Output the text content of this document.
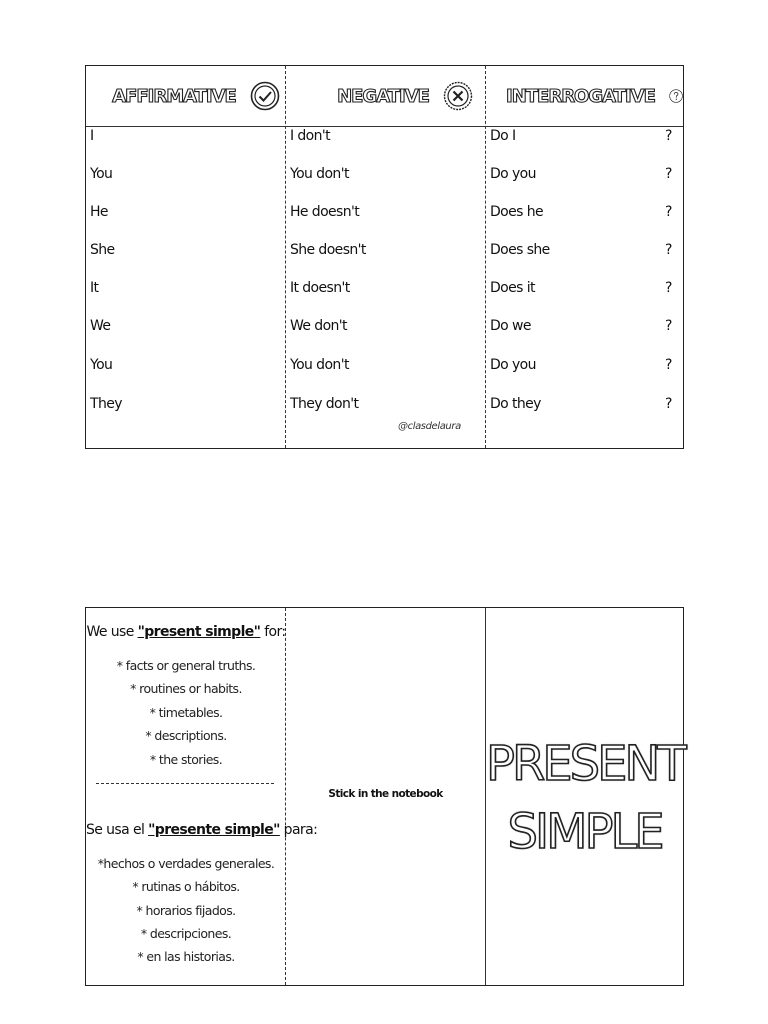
AFFIRMATIVE	NEGATIVE	INTERROGATIVE
I
You
He
She
It
We
You
They
I don't
You don't
He doesn't
She doesn't
It doesn't
We don't
You don't
They don't
Do I
Do you
Does he
Does she
Does it
Do we
Do you
Do they
?
?
?
?
?
?
?
?
@clasdelaura
We use "present simple" for:
* facts or general truths.
* routines or habits.
* timetables.
* descriptions.
* the stories.
Se usa el "presente simple" para:
*hechos o verdades generales.
* rutinas o hábitos.
* horarios fijados.
* descripciones.
* en las historias.
Stick in the notebook
PRESENT
SIMPLE
